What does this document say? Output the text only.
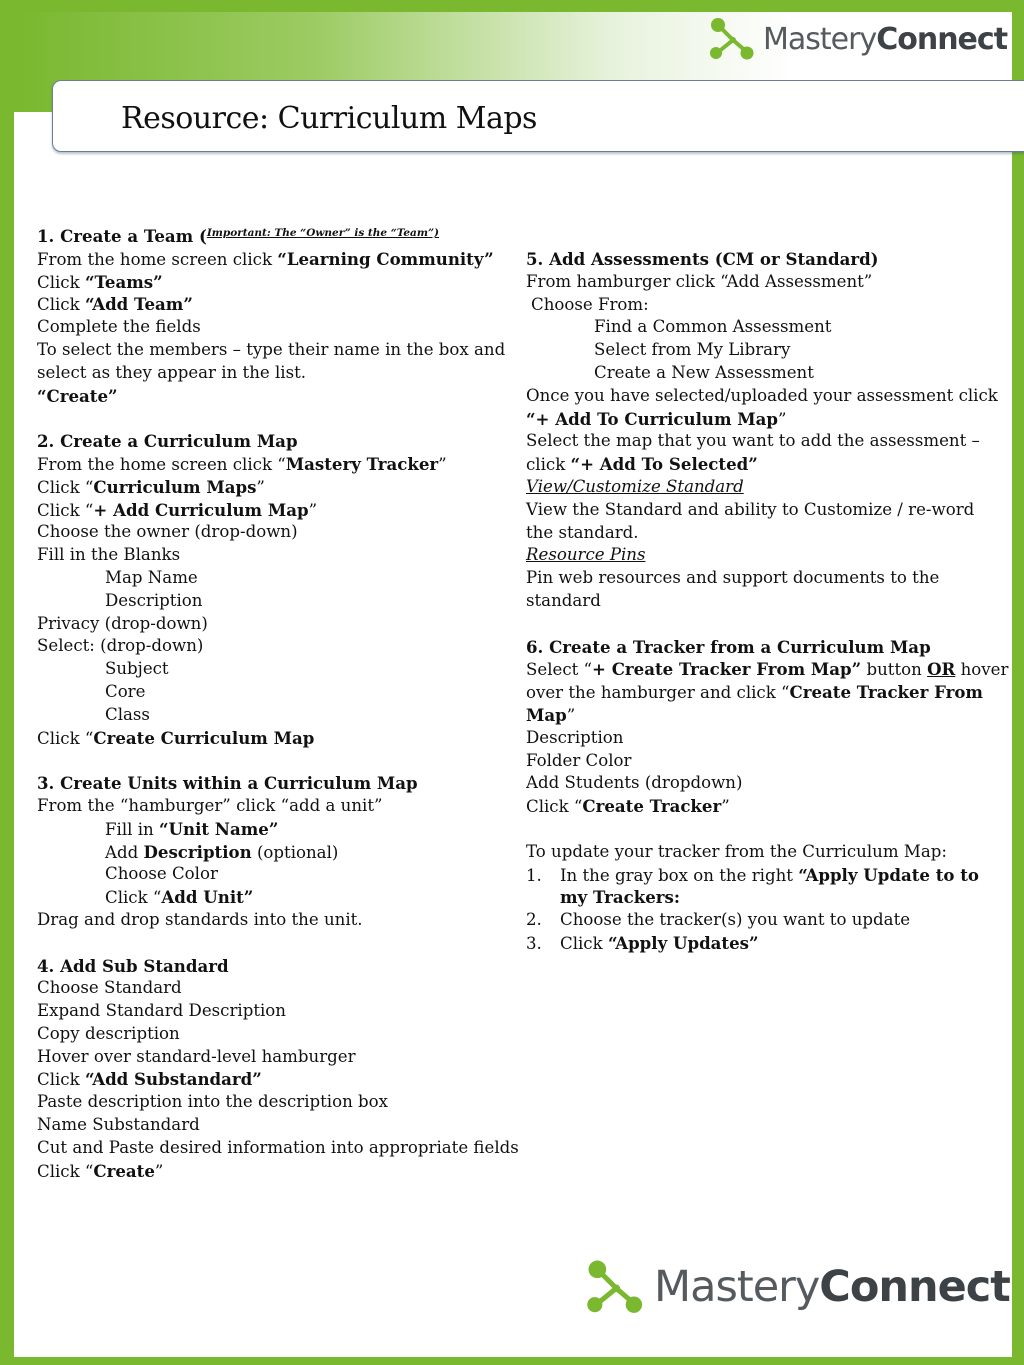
MasteryConnect
Resource: Curriculum Maps
1. Create a Team ($^{Important: The “Owner” is the “Team”)}$
From the home screen click “Learning Community”
Click “Teams”
Click “Add Team”
Complete the fields
To select the members – type their name in the box and
select as they appear in the list.
“Create”
2. Create a Curriculum Map
From the home screen click “Mastery Tracker”
Click “Curriculum Maps”
Click “+ Add Curriculum Map”
Choose the owner (drop-down)
Fill in the Blanks
Map Name
Description
Privacy (drop-down)
Select: (drop-down)
Subject
Core
Class
Click “Create Curriculum Map
3. Create Units within a Curriculum Map
From the “hamburger” click “add a unit”
Fill in “Unit Name”
Add Description (optional)
Choose Color
Click “Add Unit”
Drag and drop standards into the unit.
4. Add Sub Standard
Choose Standard
Expand Standard Description
Copy description
Hover over standard-level hamburger
Click “Add Substandard”
Paste description into the description box
Name Substandard
Cut and Paste desired information into appropriate fields
Click “Create”
5. Add Assessments (CM or Standard)
From hamburger click “Add Assessment”
Choose From:
Find a Common Assessment
Select from My Library
Create a New Assessment
Once you have selected/uploaded your assessment click
“+ Add To Curriculum Map”
Select the map that you want to add the assessment –
click “+ Add To Selected”
View/Customize Standard
View the Standard and ability to Customize / re-word
the standard.
Resource Pins
Pin web resources and support documents to the
standard
6. Create a Tracker from a Curriculum Map
Select “+ Create Tracker From Map” button OR hover
over the hamburger and click “Create Tracker From
Map”
Description
Folder Color
Add Students (dropdown)
Click “Create Tracker”
To update your tracker from the Curriculum Map:
1. In the gray box on the right “Apply Update to to
my Trackers:
2. Choose the tracker(s) you want to update
3. Click “Apply Updates”
MasteryConnect
